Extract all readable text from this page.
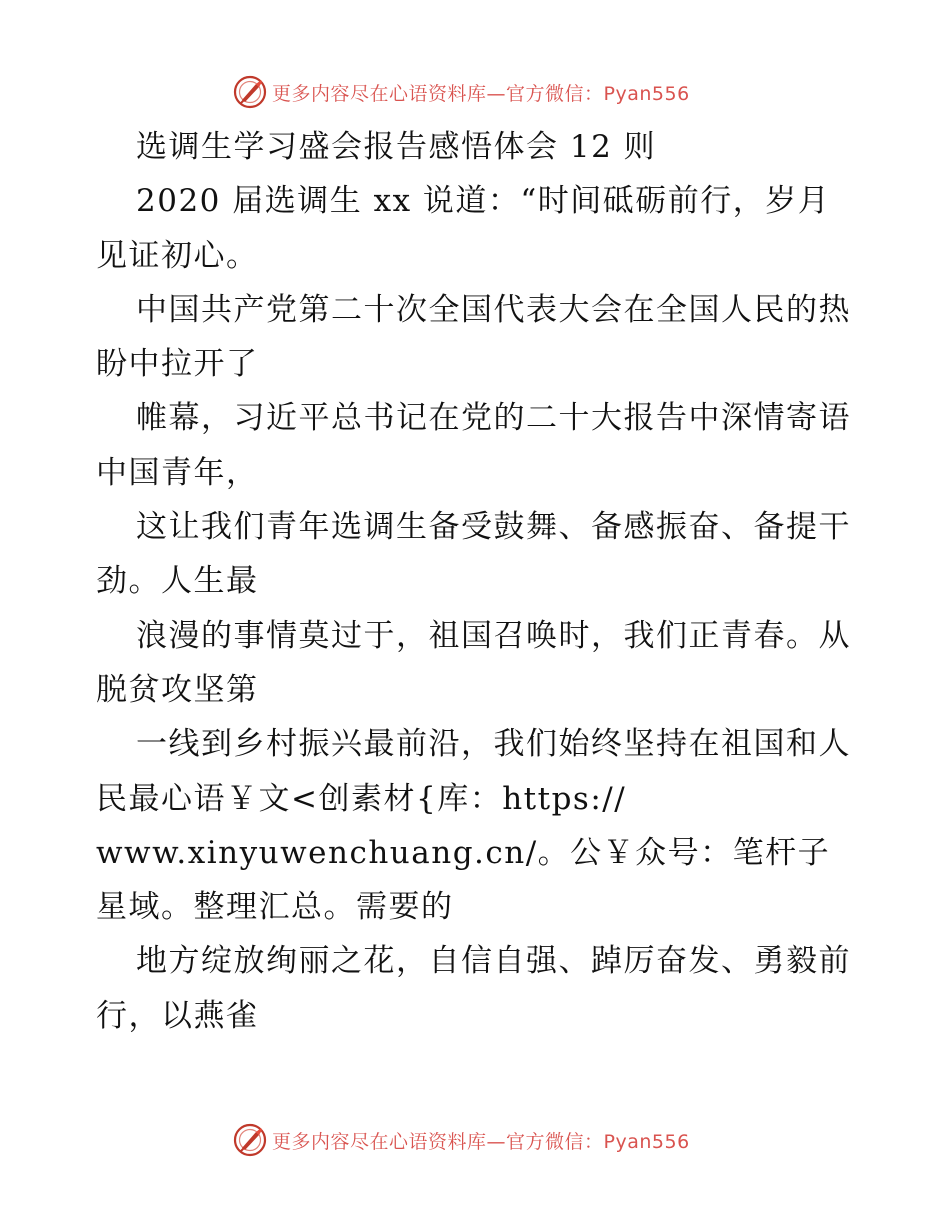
更多内容尽在心语资料库—官方微信：Pyan556

选调生学习盛会报告感悟体会 12 则

2020 届选调生 xx 说道：“时间砥砺前行，岁月见证初心。

中国共产党第二十次全国代表大会在全国人民的热盼中拉开了

帷幕，习近平总书记在党的二十大报告中深情寄语中国青年，

这让我们青年选调生备受鼓舞、备感振奋、备提干劲。人生最

浪漫的事情莫过于，祖国召唤时，我们正青春。从脱贫攻坚第

一线到乡村振兴最前沿，我们始终坚持在祖国和人民最心语￥文<创素材{库：https://

www.xinyuwenchuang.cn/。公￥众号：笔杆子星域。整理汇总。需要的

地方绽放绚丽之花，自信自强、踔厉奋发、勇毅前行，以燕雀

更多内容尽在心语资料库—官方微信：Pyan556
